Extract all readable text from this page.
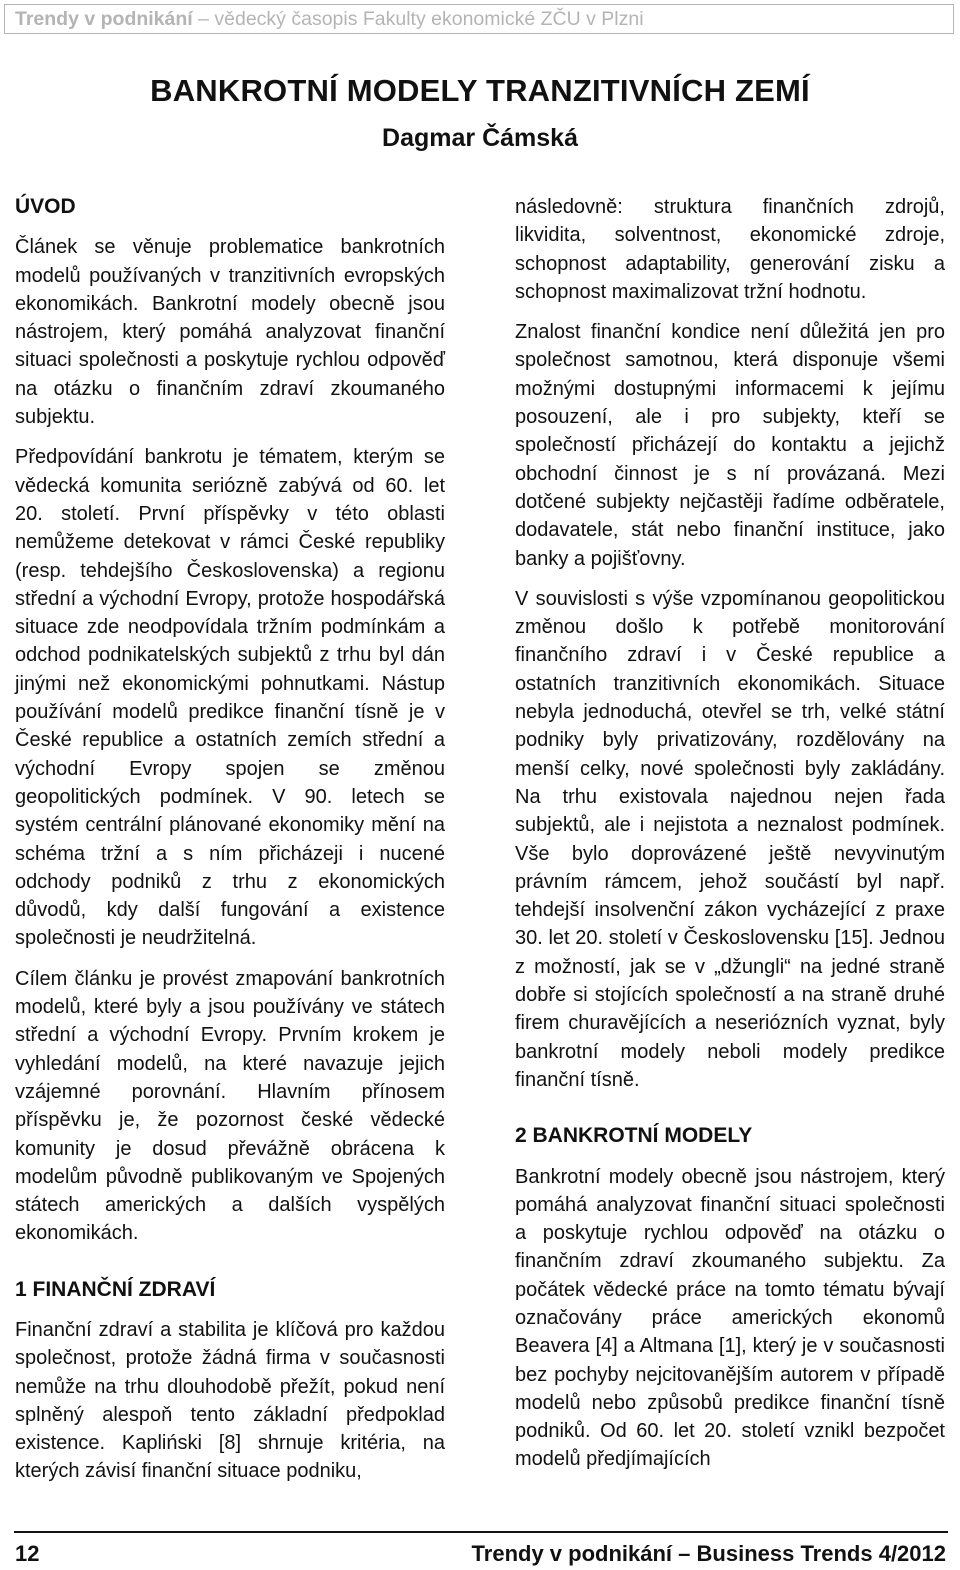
Trendy v podnikání – vědecký časopis Fakulty ekonomické ZČU v Plzni
BANKROTNÍ MODELY TRANZITIVNÍCH ZEMÍ
Dagmar Čámská
ÚVOD

Článek se věnuje problematice bankrotních modelů používaných v tranzitivních evropských ekonomikách. Bankrotní modely obecně jsou nástrojem, který pomáhá analyzovat finanční situaci společnosti a poskytuje rychlou odpověď na otázku o finančním zdraví zkoumaného subjektu.

Předpovídání bankrotu je tématem, kterým se vědecká komunita seriózně zabývá od 60. let 20. století. První příspěvky v této oblasti nemůžeme detekovat v rámci České republiky (resp. tehdejšího Československa) a regionu střední a východní Evropy, protože hospodářská situace zde neodpovídala tržním podmínkám a odchod podnikatelských subjektů z trhu byl dán jinými než ekonomickými pohnutkami. Nástup používání modelů predikce finanční tísně je v České republice a ostatních zemích střední a východní Evropy spojen se změnou geopolitických podmínek. V 90. letech se systém centrální plánované ekonomiky mění na schéma tržní a s ním přicházeji i nucené odchody podniků z trhu z ekonomických důvodů, kdy další fungování a existence společnosti je neudržitelná.

Cílem článku je provést zmapování bankrotních modelů, které byly a jsou používány ve státech střední a východní Evropy. Prvním krokem je vyhledání modelů, na které navazuje jejich vzájemné porovnání. Hlavním přínosem příspěvku je, že pozornost české vědecké komunity je dosud převážně obrácena k modelům původně publikovaným ve Spojených státech amerických a dalších vyspělých ekonomikách.

1 FINANČNÍ ZDRAVÍ

Finanční zdraví a stabilita je klíčová pro každou společnost, protože žádná firma v současnosti nemůže na trhu dlouhodobě přežít, pokud není splněný alespoň tento základní předpoklad existence. Kapliński [8] shrnuje kritéria, na kterých závisí finanční situace podniku,

následovně: struktura finančních zdrojů, likvidita, solventnost, ekonomické zdroje, schopnost adaptability, generování zisku a schopnost maximalizovat tržní hodnotu.

Znalost finanční kondice není důležitá jen pro společnost samotnou, která disponuje všemi možnými dostupnými informacemi k jejímu posouzení, ale i pro subjekty, kteří se společností přicházejí do kontaktu a jejichž obchodní činnost je s ní provázaná. Mezi dotčené subjekty nejčastěji řadíme odběratele, dodavatele, stát nebo finanční instituce, jako banky a pojišťovny.

V souvislosti s výše vzpomínanou geopolitickou změnou došlo k potřebě monitorování finančního zdraví i v České republice a ostatních tranzitivních ekonomikách. Situace nebyla jednoduchá, otevřel se trh, velké státní podniky byly privatizovány, rozdělovány na menší celky, nové společnosti byly zakládány. Na trhu existovala najednou nejen řada subjektů, ale i nejistota a neznalost podmínek. Vše bylo doprovázené ještě nevyvinutým právním rámcem, jehož součástí byl např. tehdejší insolvenční zákon vycházející z praxe 30. let 20. století v Československu [15]. Jednou z možností, jak se v „džungli“ na jedné straně dobře si stojících společností a na straně druhé firem churavějících a neseriózních vyznat, byly bankrotní modely neboli modely predikce finanční tísně.

2 BANKROTNÍ MODELY

Bankrotní modely obecně jsou nástrojem, který pomáhá analyzovat finanční situaci společnosti a poskytuje rychlou odpověď na otázku o finančním zdraví zkoumaného subjektu. Za počátek vědecké práce na tomto tématu bývají označovány práce amerických ekonomů Beavera [4] a Altmana [1], který je v současnosti bez pochyby nejcitovanějším autorem v případě modelů nebo způsobů predikce finanční tísně podniků. Od 60. let 20. století vznikl bezpočet modelů předjímajících

12	Trendy v podnikání – Business Trends 4/2012
